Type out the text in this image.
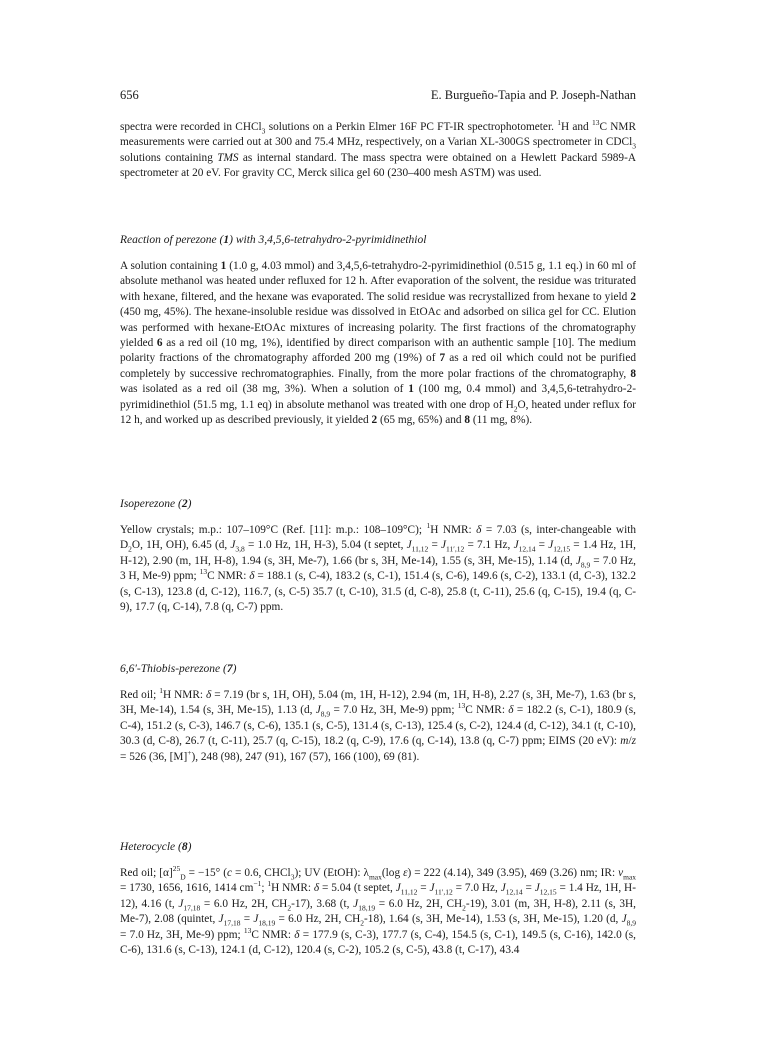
656	E. Burgueño-Tapia and P. Joseph-Nathan

spectra were recorded in CHCl$_3$ solutions on a Perkin Elmer 16F PC FT-IR spectrophotometer. $^1$H and $^{13}$C NMR measurements were carried out at 300 and 75.4 MHz, respectively, on a Varian XL-300GS spectrometer in CDCl$_3$ solutions containing TMS as internal standard. The mass spectra were obtained on a Hewlett Packard 5989-A spectrometer at 20 eV. For gravity CC, Merck silica gel 60 (230–400 mesh ASTM) was used.

Reaction of perezone (1) with 3,4,5,6-tetrahydro-2-pyrimidinethiol

A solution containing 1 (1.0 g, 4.03 mmol) and 3,4,5,6-tetrahydro-2-pyrimidinethiol (0.515 g, 1.1 eq.) in 60 ml of absolute methanol was heated under refluxed for 12 h. After evaporation of the solvent, the residue was triturated with hexane, filtered, and the hexane was evaporated. The solid residue was recrystallized from hexane to yield 2 (450 mg, 45%). The hexane-insoluble residue was dissolved in EtOAc and adsorbed on silica gel for CC. Elution was performed with hexane-EtOAc mixtures of increasing polarity. The first fractions of the chromatography yielded 6 as a red oil (10 mg, 1%), identified by direct comparison with an authentic sample [10]. The medium polarity fractions of the chromatography afforded 200 mg (19%) of 7 as a red oil which could not be purified completely by successive rechromatographies. Finally, from the more polar fractions of the chromatography, 8 was isolated as a red oil (38 mg, 3%). When a solution of 1 (100 mg, 0.4 mmol) and 3,4,5,6-tetrahydro-2-pyrimidinethiol (51.5 mg, 1.1 eq) in absolute methanol was treated with one drop of $H_2O$, heated under reflux for 12 h, and worked up as described previously, it yielded 2 (65 mg, 65%) and 8 (11 mg, 8%).

Isoperezone (2)

Yellow crystals; m.p.: 107–109°C (Ref. [11]: m.p.: 108–109°C); $^1$H NMR: δ = 7.03 (s, inter-changeable with $D_2O$, 1H, OH), 6.45 (d, $J_{3,8} = 1.0$ Hz, 1H, H-3), 5.04 (t septet, $J_{11,12} = J_{11',12} = 7.1$ Hz, $J_{12,14} = J_{12,15} = 1.4$ Hz, 1H, H-12), 2.90 (m, 1H, H-8), 1.94 (s, 3H, Me-7), 1.66 (br s, 3H, Me-14), 1.55 (s, 3H, Me-15), 1.14 (d, $J_{8,9} = 7.0$ Hz, 3 H, Me-9) ppm; $^{13}$C NMR: δ = 188.1 (s, C-4), 183.2 (s, C-1), 151.4 (s, C-6), 149.6 (s, C-2), 133.1 (d, C-3), 132.2 (s, C-13), 123.8 (d, C-12), 116.7, (s, C-5) 35.7 (t, C-10), 31.5 (d, C-8), 25.8 (t, C-11), 25.6 (q, C-15), 19.4 (q, C-9), 17.7 (q, C-14), 7.8 (q, C-7) ppm.

6,6′-Thiobis-perezone (7)

Red oil; $^1$H NMR: δ = 7.19 (br s, 1H, OH), 5.04 (m, 1H, H-12), 2.94 (m, 1H, H-8), 2.27 (s, 3H, Me-7), 1.63 (br s, 3H, Me-14), 1.54 (s, 3H, Me-15), 1.13 (d, $J_{8,9} = 7.0$ Hz, 3H, Me-9) ppm; $^{13}$C NMR: δ = 182.2 (s, C-1), 180.9 (s, C-4), 151.2 (s, C-3), 146.7 (s, C-6), 135.1 (s, C-5), 131.4 (s, C-13), 125.4 (s, C-2), 124.4 (d, C-12), 34.1 (t, C-10), 30.3 (d, C-8), 26.7 (t, C-11), 25.7 (q, C-15), 18.2 (q, C-9), 17.6 (q, C-14), 13.8 (q, C-7) ppm; EIMS (20 eV): m/z = 526 (36, [M]+), 248 (98), 247 (91), 167 (57), 166 (100), 69 (81).

Heterocycle (8)

Red oil; $[\alpha]^{25}_D = -15^\circ$ (c = 0.6, CHCl$_3$); UV (EtOH): $\lambda_{max}(\log$ ε) = 222 (4.14), 349 (3.95), 469 (3.26) nm; IR: $\nu_{max} = 1730$, 1656, 1616, 1414 $cm^{-1}$; $^1$H NMR: δ = 5.04 (t septet, $J_{11,12} = J_{11',12} = 7.0$ Hz, $J_{12,14} = J_{12,15} = 1.4$ Hz, 1H, H-12), 4.16 (t, $J_{17,18} = 6.0$ Hz, 2H, $CH_2-17$), 3.68 (t, $J_{18,19} = 6.0$ Hz, 2H, $CH_2-19$), 3.01 (m, 3H, H-8), 2.11 (s, 3H, Me-7), 2.08 (quintet, $J_{17,18} = J_{18,19} = 6.0$ Hz, 2H, $CH_2-18$), 1.64 (s, 3H, Me-14), 1.53 (s, 3H, Me-15), 1.20 (d, $J_{8,9} = 7.0$ Hz, 3H, Me-9) ppm; $^{13}$C NMR: δ = 177.9 (s, C-3), 177.7 (s, C-4), 154.5 (s, C-1), 149.5 (s, C-16), 142.0 (s, C-6), 131.6 (s, C-13), 124.1 (d, C-12), 120.4 (s, C-2), 105.2 (s, C-5), 43.8 (t, C-17), 43.4
